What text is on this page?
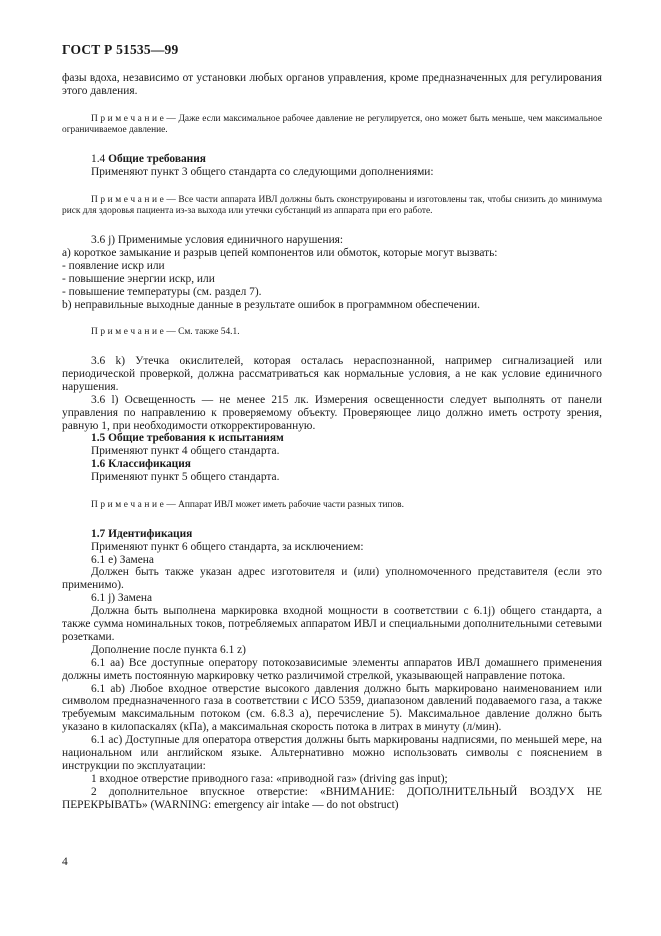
ГОСТ Р 51535—99

фазы вдоха, независимо от установки любых органов управления, кроме предназначенных для регулирования этого давления.

Примечание— Даже если максимальное рабочее давление не регулируется, оно может быть меньше, чем максимальное ограничиваемое давление.

1.4 Общие требования

Применяют пункт 3 общего стандарта со следующими дополнениями:

Примечание— Все части аппарата ИВЛ должны быть сконструированы и изготовлены так, чтобы снизить до минимума риск для здоровья пациента из-за выхода или утечки субстанций из аппарата при его работе.

3.6 j) Применимые условия единичного нарушения:

а) короткое замыкание и разрыв цепей компонентов или обмоток, которые могут вызвать:

- появление искр или

- повышение энергии искр, или

- повышение температуры (см. раздел 7).

b) неправильные выходные данные в результате ошибок в программном обеспечении.

Примечание— См. также 54.1.

3.6 k) Утечка окислителей, которая осталась нераспознанной, например сигнализацией или периодической проверкой, должна рассматриваться как нормальные условия, а не как условие единичного нарушения.

3.6 l) Освещенность — не менее 215 лк. Измерения освещенности следует выполнять от панели управления по направлению к проверяемому объекту. Проверяющее лицо должно иметь остроту зрения, равную 1, при необходимости откорректированную.

1.5 Общие требования к испытаниям

Применяют пункт 4 общего стандарта.

1.6 Классификация

Применяют пункт 5 общего стандарта.

Примечание— Аппарат ИВЛ может иметь рабочие части разных типов.

1.7 Идентификация

Применяют пункт 6 общего стандарта, за исключением:

6.1 е) Замена

Должен быть также указан адрес изготовителя и (или) уполномоченного представителя (если это применимо).

6.1 j) Замена

Должна быть выполнена маркировка входной мощности в соответствии с 6.1j) общего стандарта, а также сумма номинальных токов, потребляемых аппаратом ИВЛ и специальными дополнительными сетевыми розетками.

Дополнение после пункта 6.1 z)

6.1 аа) Все доступные оператору потокозависимые элементы аппаратов ИВЛ домашнего применения должны иметь постоянную маркировку четко различимой стрелкой, указывающей направление потока.

6.1 ab) Любое входное отверстие высокого давления должно быть маркировано наименованием или символом предназначенного газа в соответствии с ИСО 5359, диапазоном давлений подаваемого газа, а также требуемым максимальным потоком (см. 6.8.3 а), перечисление 5). Максимальное давление должно быть указано в килопаскалях (кПа), а максимальная скорость потока в литрах в минуту (л/мин).

6.1 ас) Доступные для оператора отверстия должны быть маркированы надписями, по меньшей мере, на национальном или английском языке. Альтернативно можно использовать символы с пояснением в инструкции по эксплуатации:

1 входное отверстие приводного газа: «приводной газ» (driving gas input);

2 дополнительное впускное отверстие: «ВНИМАНИЕ: ДОПОЛНИТЕЛЬНЫЙ ВОЗДУХ НЕ ПЕРЕКРЫВАТЬ» (WARNING: emergency air intake — do not obstruct)

4
